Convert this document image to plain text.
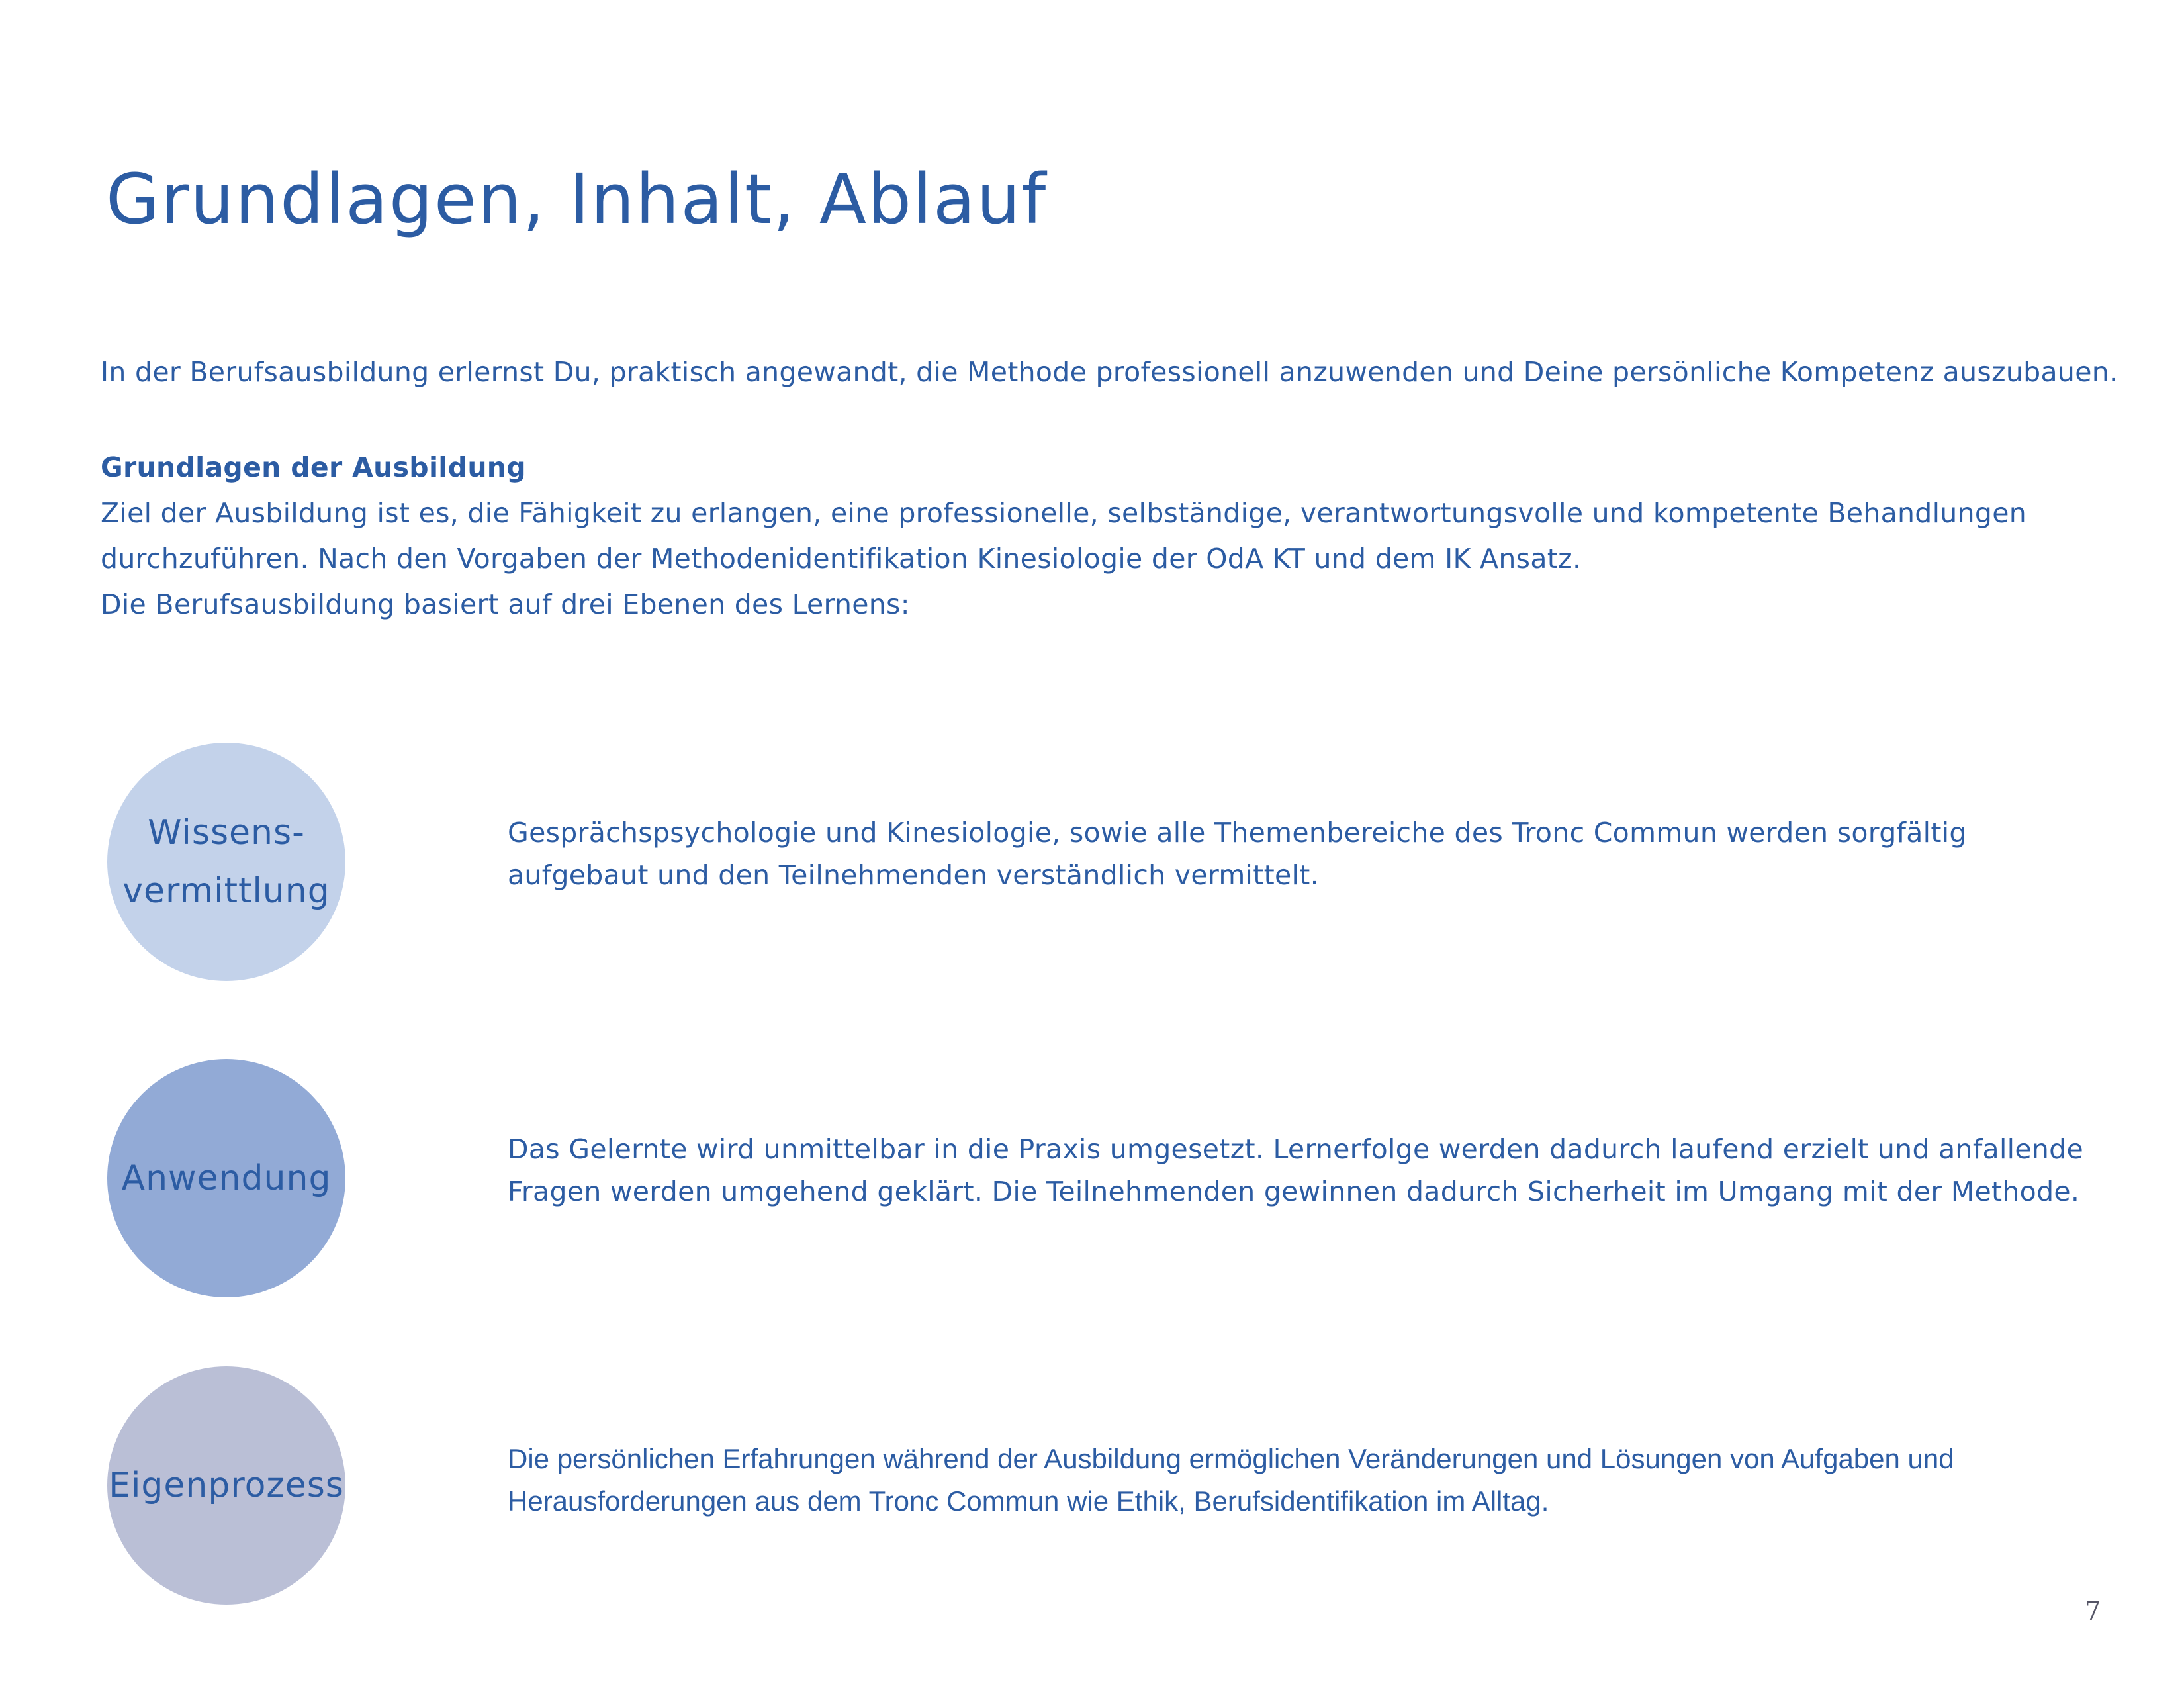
Grundlagen, Inhalt, Ablauf
In der Berufsausbildung erlernst Du, praktisch angewandt, die Methode professionell anzuwenden und Deine persönliche Kompetenz auszubauen.
Grundlagen der Ausbildung
Ziel der Ausbildung ist es, die Fähigkeit zu erlangen, eine professionelle, selbständige, verantwortungsvolle und kompetente Behandlungen
durchzuführen. Nach den Vorgaben der Methodenidentifikation Kinesiologie der OdA KT und dem IK Ansatz.
Die Berufsausbildung basiert auf drei Ebenen des Lernens:
Wissens-
vermittlung
Gesprächspsychologie und Kinesiologie, sowie alle Themenbereiche des Tronc Commun werden sorgfältig
aufgebaut und den Teilnehmenden verständlich vermittelt.
Anwendung
Das Gelernte wird unmittelbar in die Praxis umgesetzt. Lernerfolge werden dadurch laufend erzielt und anfallende
Fragen werden umgehend geklärt. Die Teilnehmenden gewinnen dadurch Sicherheit im Umgang mit der Methode.
Eigenprozess
Die persönlichen Erfahrungen während der Ausbildung ermöglichen Veränderungen und Lösungen von Aufgaben und
Herausforderungen aus dem Tronc Commun wie Ethik, Berufsidentifikation im Alltag.
7
